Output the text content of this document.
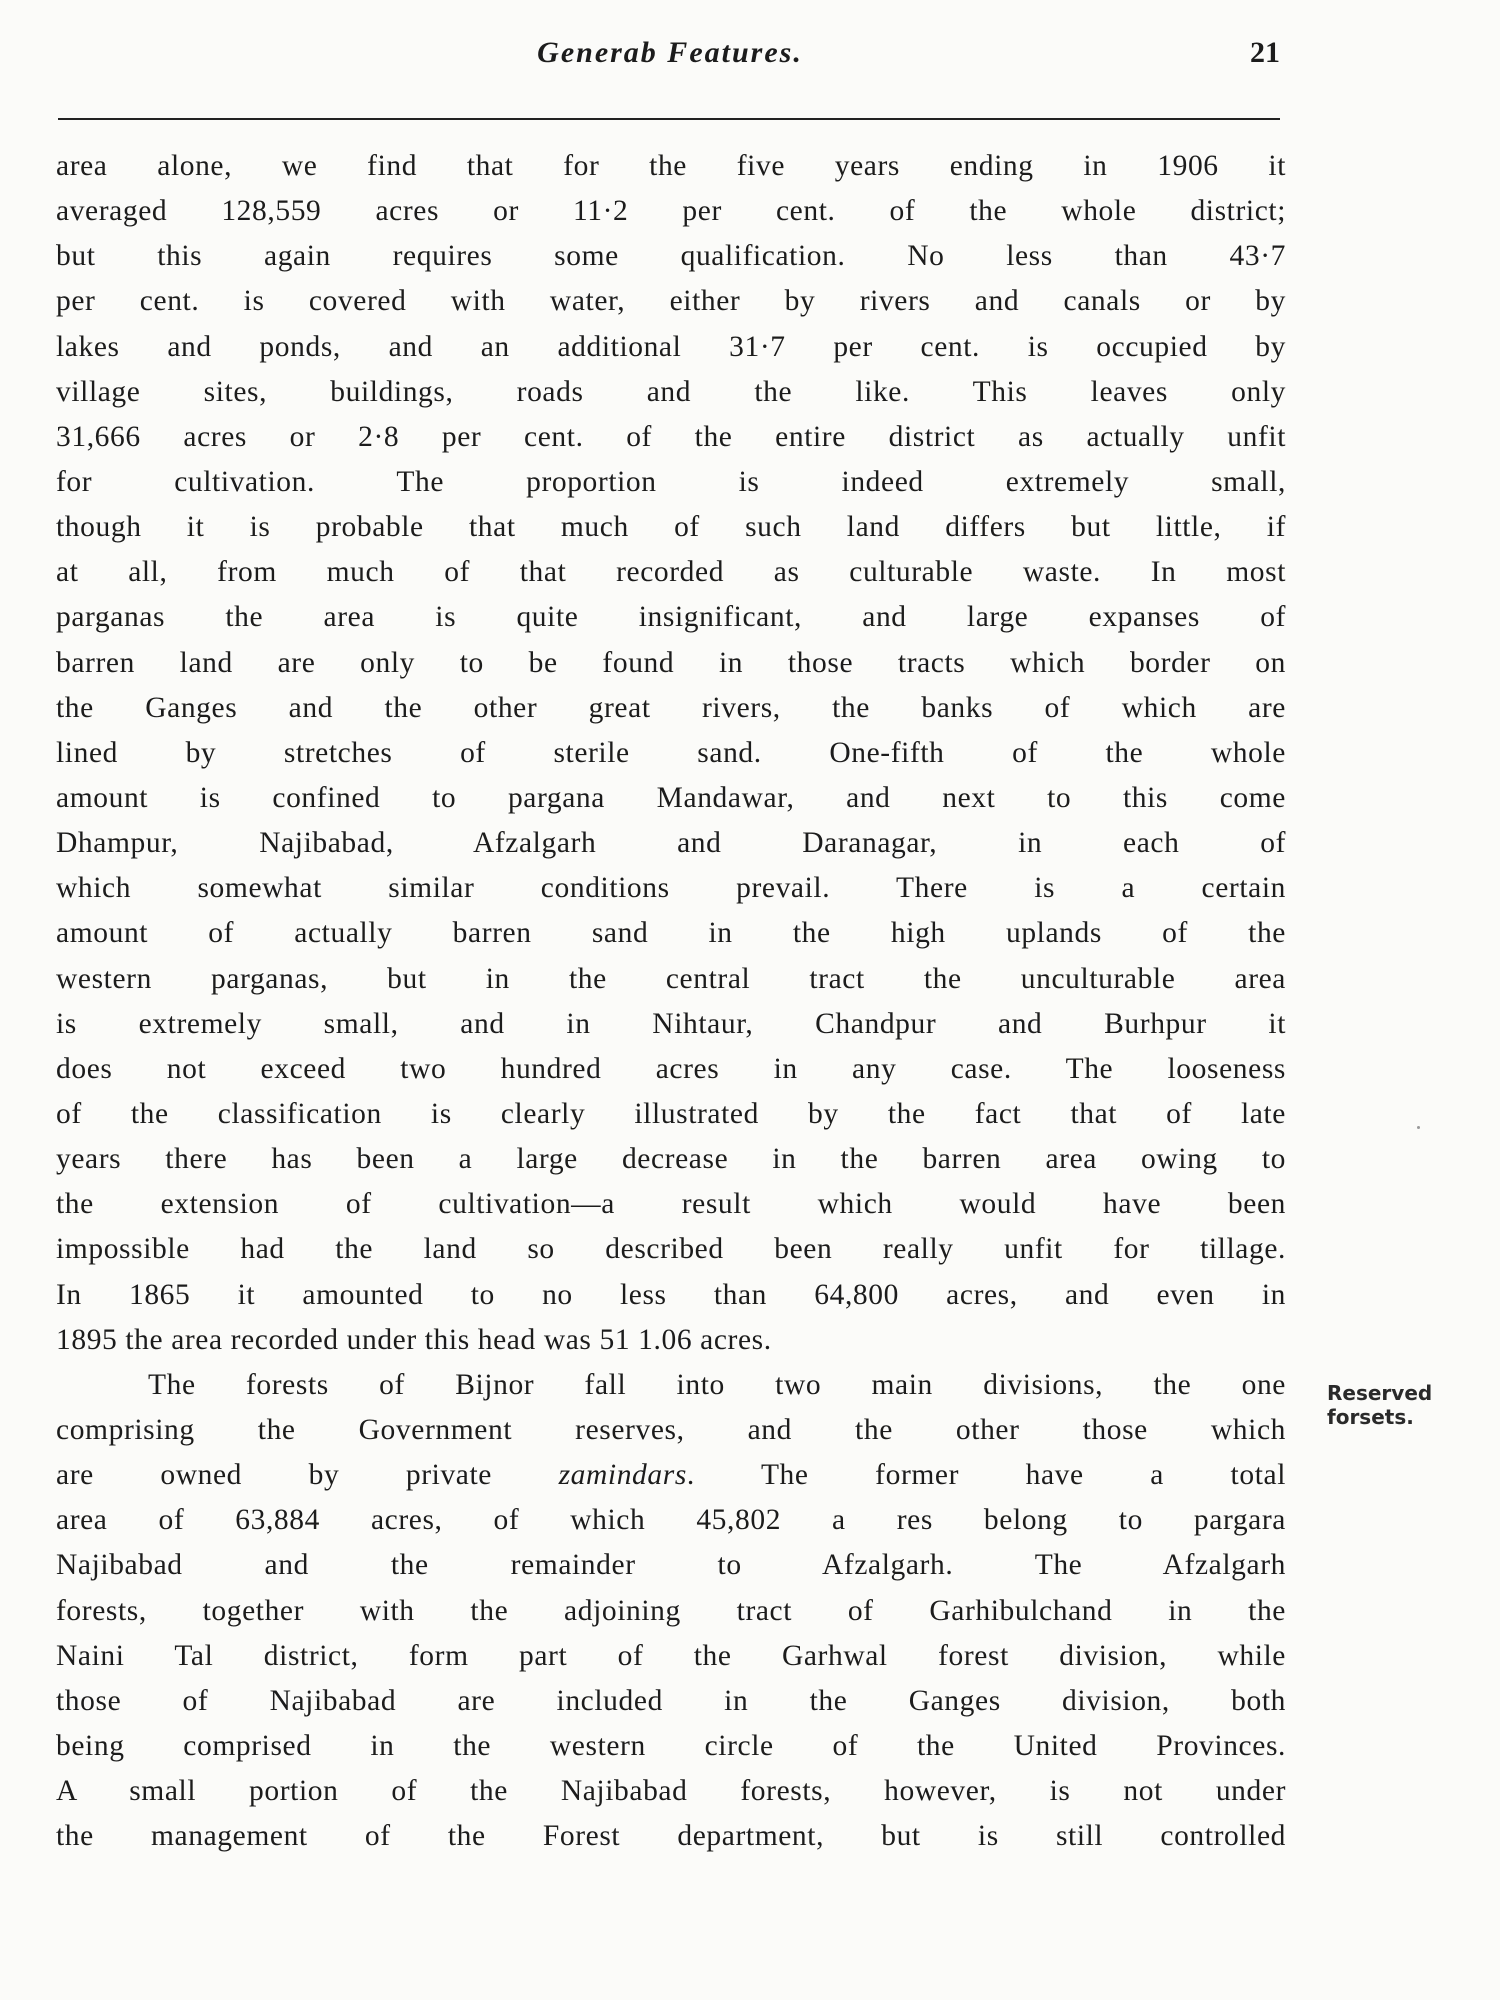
Generab Features.	21
area alone, we find that for the five years ending in 1906 it
averaged 128,559 acres or 11·2 per cent. of the whole district;
but this again requires some qualification. No less than 43·7
per cent. is covered with water, either by rivers and canals or by
lakes and ponds, and an additional 31·7 per cent. is occupied by
village sites, buildings, roads and the like. This leaves only
31,666 acres or 2·8 per cent. of the entire district as actually unfit
for cultivation. The proportion is indeed extremely small,
though it is probable that much of such land differs but little, if
at all, from much of that recorded as culturable waste. In most
parganas the area is quite insignificant, and large expanses of
barren land are only to be found in those tracts which border on
the Ganges and the other great rivers, the banks of which are
lined by stretches of sterile sand. One-fifth of the whole
amount is confined to pargana Mandawar, and next to this come
Dhampur, Najibabad, Afzalgarh and Daranagar, in each of
which somewhat similar conditions prevail. There is a certain
amount of actually barren sand in the high uplands of the
western parganas, but in the central tract the unculturable area
is extremely small, and in Nihtaur, Chandpur and Burhpur it
does not exceed two hundred acres in any case. The looseness
of the classification is clearly illustrated by the fact that of late
years there has been a large decrease in the barren area owing to
the extension of cultivation—a result which would have been
impossible had the land so described been really unfit for tillage.
In 1865 it amounted to no less than 64,800 acres, and even in
1895 the area recorded under this head was 51 1.06 acres.
The forests of Bijnor fall into two main divisions, the one
comprising the Government reserves, and the other those which
are owned by private zamindars. The former have a total
area of 63,884 acres, of which 45,802 a res belong to pargara
Najibabad and the remainder to Afzalgarh. The Afzalgarh
forests, together with the adjoining tract of Garhibulchand in the
Naini Tal district, form part of the Garhwal forest division, while
those of Najibabad are included in the Ganges division, both
being comprised in the western circle of the United Provinces.
A small portion of the Najibabad forests, however, is not under
the management of the Forest department, but is still controlled
Reserved
forsets.
